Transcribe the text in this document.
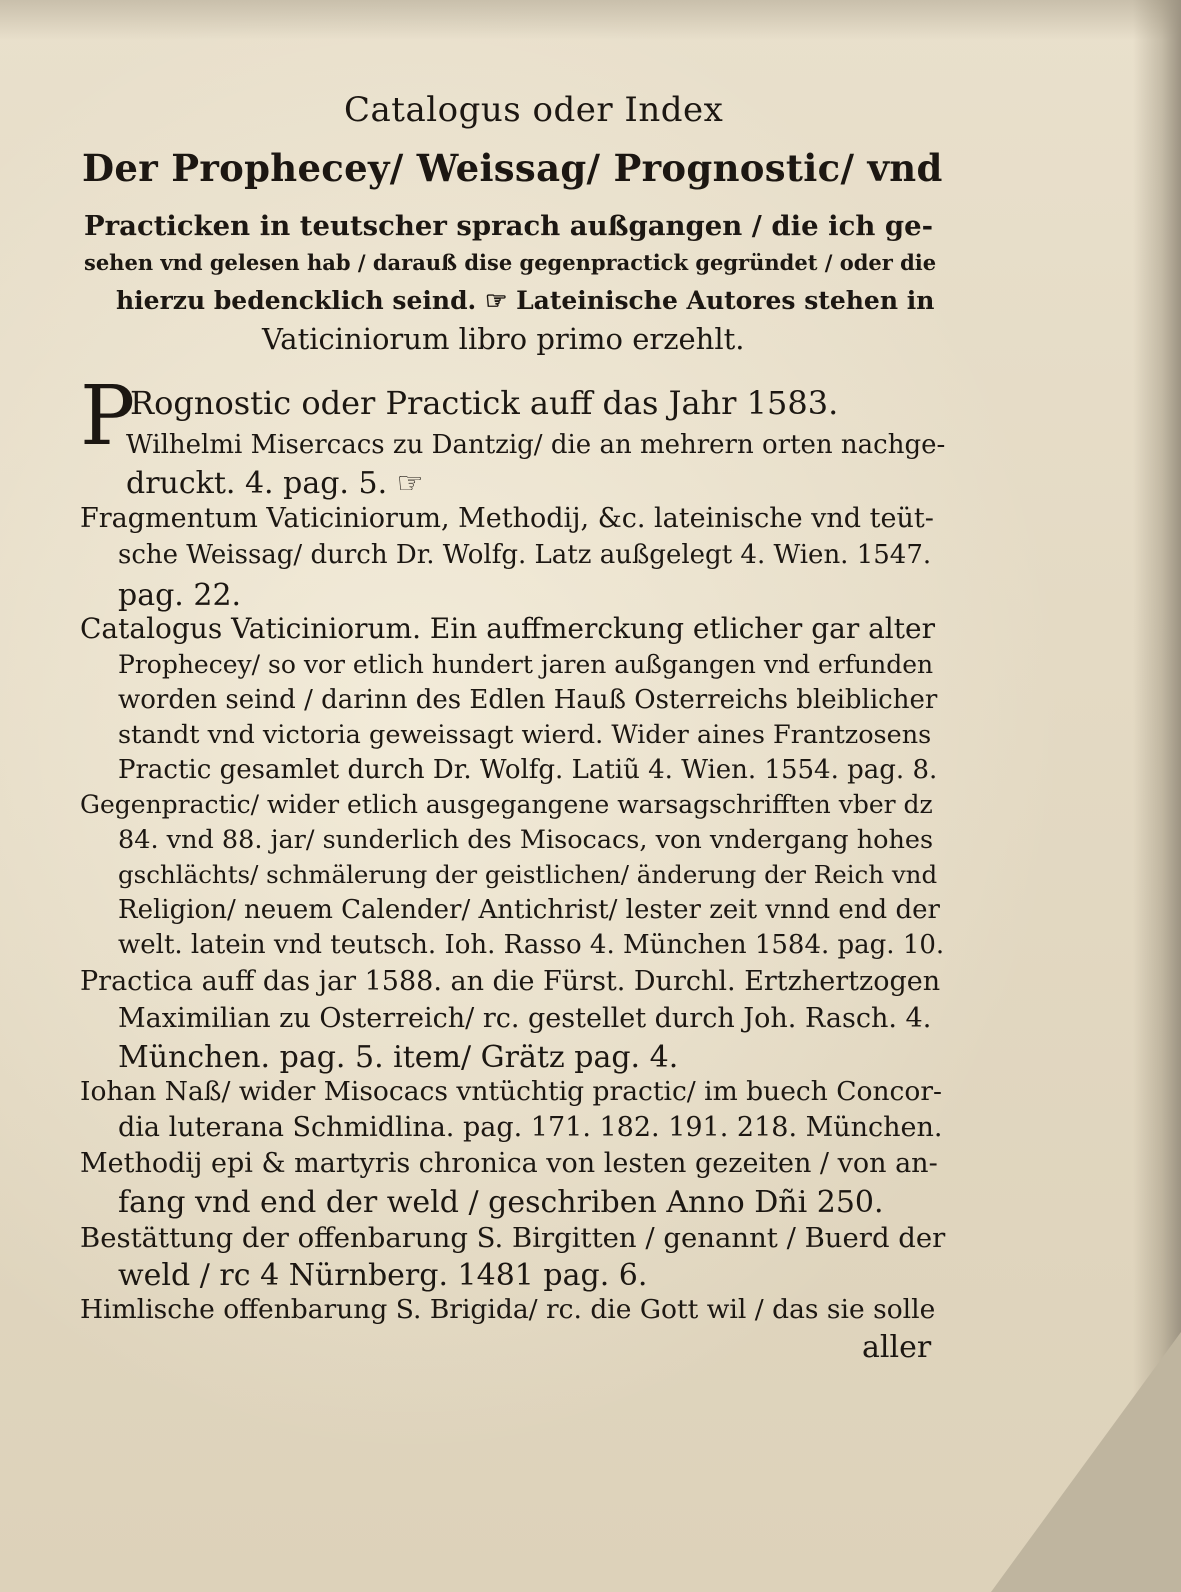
Catalogus oder Index
Der Prophecey/ Weissag/ Prognostic/ vnd
Practicken in teutscher sprach außgangen / die ich ge‑
sehen vnd gelesen hab / darauß dise gegenpractick gegründet / oder die
hierzu bedencklich seind. ☞ Lateinische Autores stehen in
Vaticiniorum libro primo erzehlt.
P
Rognostic oder Practick auff das Jahr 1583.
Wilhelmi Misercacs zu Dantzig/ die an mehrern orten nachge‑
druckt. 4. pag. 5. ☞
Fragmentum Vaticiniorum, Methodij, &c. lateinische vnd teüt‑
sche Weissag/ durch Dr. Wolfg. Latz außgelegt 4. Wien. 1547.
pag. 22.
Catalogus Vaticiniorum. Ein auffmerckung etlicher gar alter
Prophecey/ so vor etlich hundert jaren außgangen vnd erfunden
worden seind / darinn des Edlen Hauß Osterreichs bleiblicher
standt vnd victoria geweissagt wierd. Wider aines Frantzosens
Practic gesamlet durch Dr. Wolfg. Latiũ 4. Wien. 1554. pag. 8.
Gegenpractic/ wider etlich ausgegangene warsagschrifften vber dz
84. vnd 88. jar/ sunderlich des Misocacs, von vndergang hohes
gschlächts/ schmälerung der geistlichen/ änderung der Reich vnd
Religion/ neuem Calender/ Antichrist/ lester zeit vnnd end der
welt. latein vnd teutsch. Ioh. Rasso 4. München 1584. pag. 10.
Practica auff das jar 1588. an die Fürst. Durchl. Ertzhertzogen
Maximilian zu Osterreich/ rc. gestellet durch Joh. Rasch. 4.
München. pag. 5. item/ Grätz pag. 4.
Iohan Naß/ wider Misocacs vntüchtig practic/ im buech Concor‑
dia luterana Schmidlina. pag. 171. 182. 191. 218. München.
Methodij epi & martyris chronica von lesten gezeiten / von an‑
fang vnd end der weld / geschriben Anno Dñi 250.
Bestättung der offenbarung S. Birgitten / genannt / Buerd der
weld / rc 4 Nürnberg. 1481 pag. 6.
Himlische offenbarung S. Brigida/ rc. die Gott wil / das sie solle
aller
